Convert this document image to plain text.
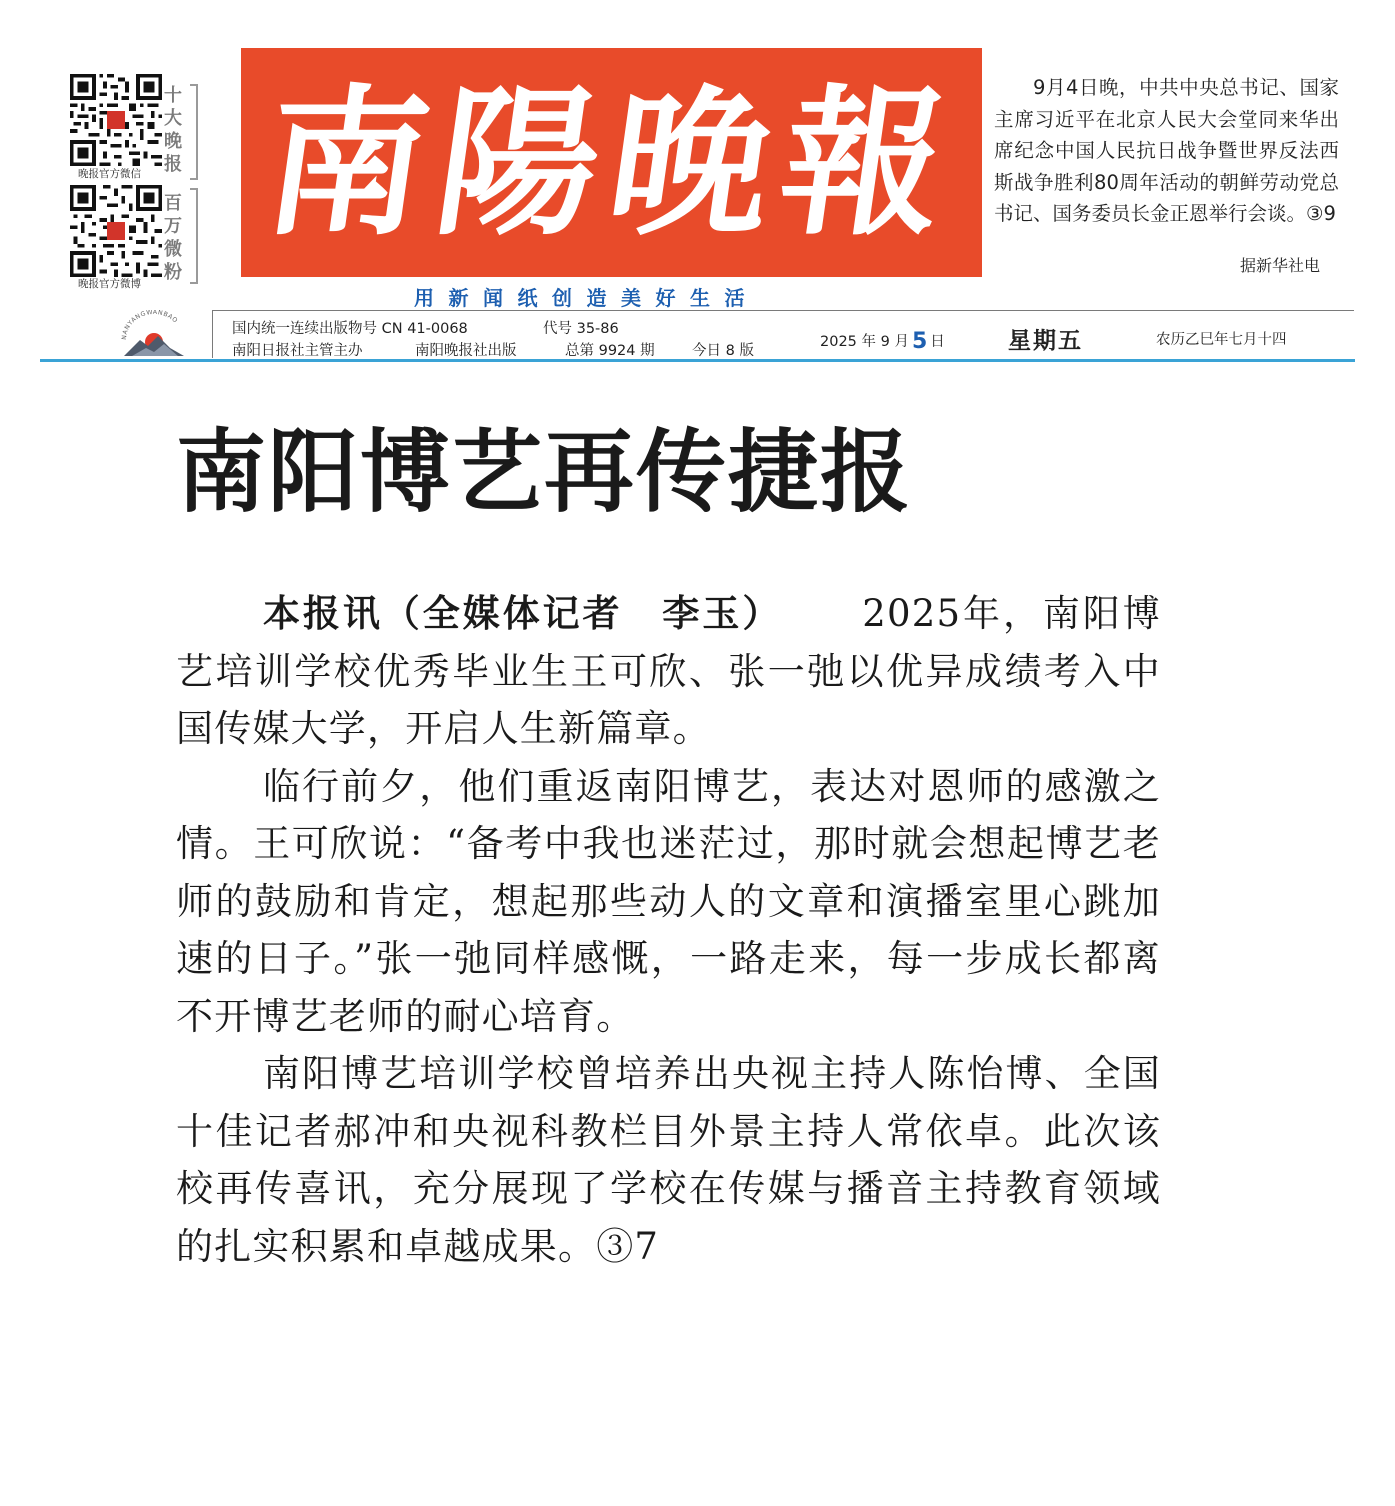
晚报官方微信
十大晚报
晚报官方微博
百万微粉
南陽晚報
用新闻纸创造美好生活
9月4日晚，中共中央总书记、国家主席习近平在北京人民大会堂同来华出席纪念中国人民抗日战争暨世界反法西斯战争胜利80周年活动的朝鲜劳动党总书记、国务委员长金正恩举行会谈。③9
据新华社电
NANYANGWANBAO
国内统一连续出版物号 CN 41-0068	代号 35-86
南阳日报社主管主办	南阳晚报社出版	总第 9924 期	今日 8 版
2025 年 9 月 5 日	星期五	农历乙巳年七月十四
南阳博艺再传捷报

本报讯（全媒体记者　李玉） 2025年，南阳博艺培训学校优秀毕业生王可欣、张一弛以优异成绩考入中国传媒大学，开启人生新篇章。

临行前夕，他们重返南阳博艺，表达对恩师的感激之情。王可欣说：“备考中我也迷茫过，那时就会想起博艺老师的鼓励和肯定，想起那些动人的文章和演播室里心跳加速的日子。”张一弛同样感慨，一路走来，每一步成长都离不开博艺老师的耐心培育。

南阳博艺培训学校曾培养出央视主持人陈怡博、全国十佳记者郝冲和央视科教栏目外景主持人常依卓。此次该校再传喜讯，充分展现了学校在传媒与播音主持教育领域的扎实积累和卓越成果。③7
